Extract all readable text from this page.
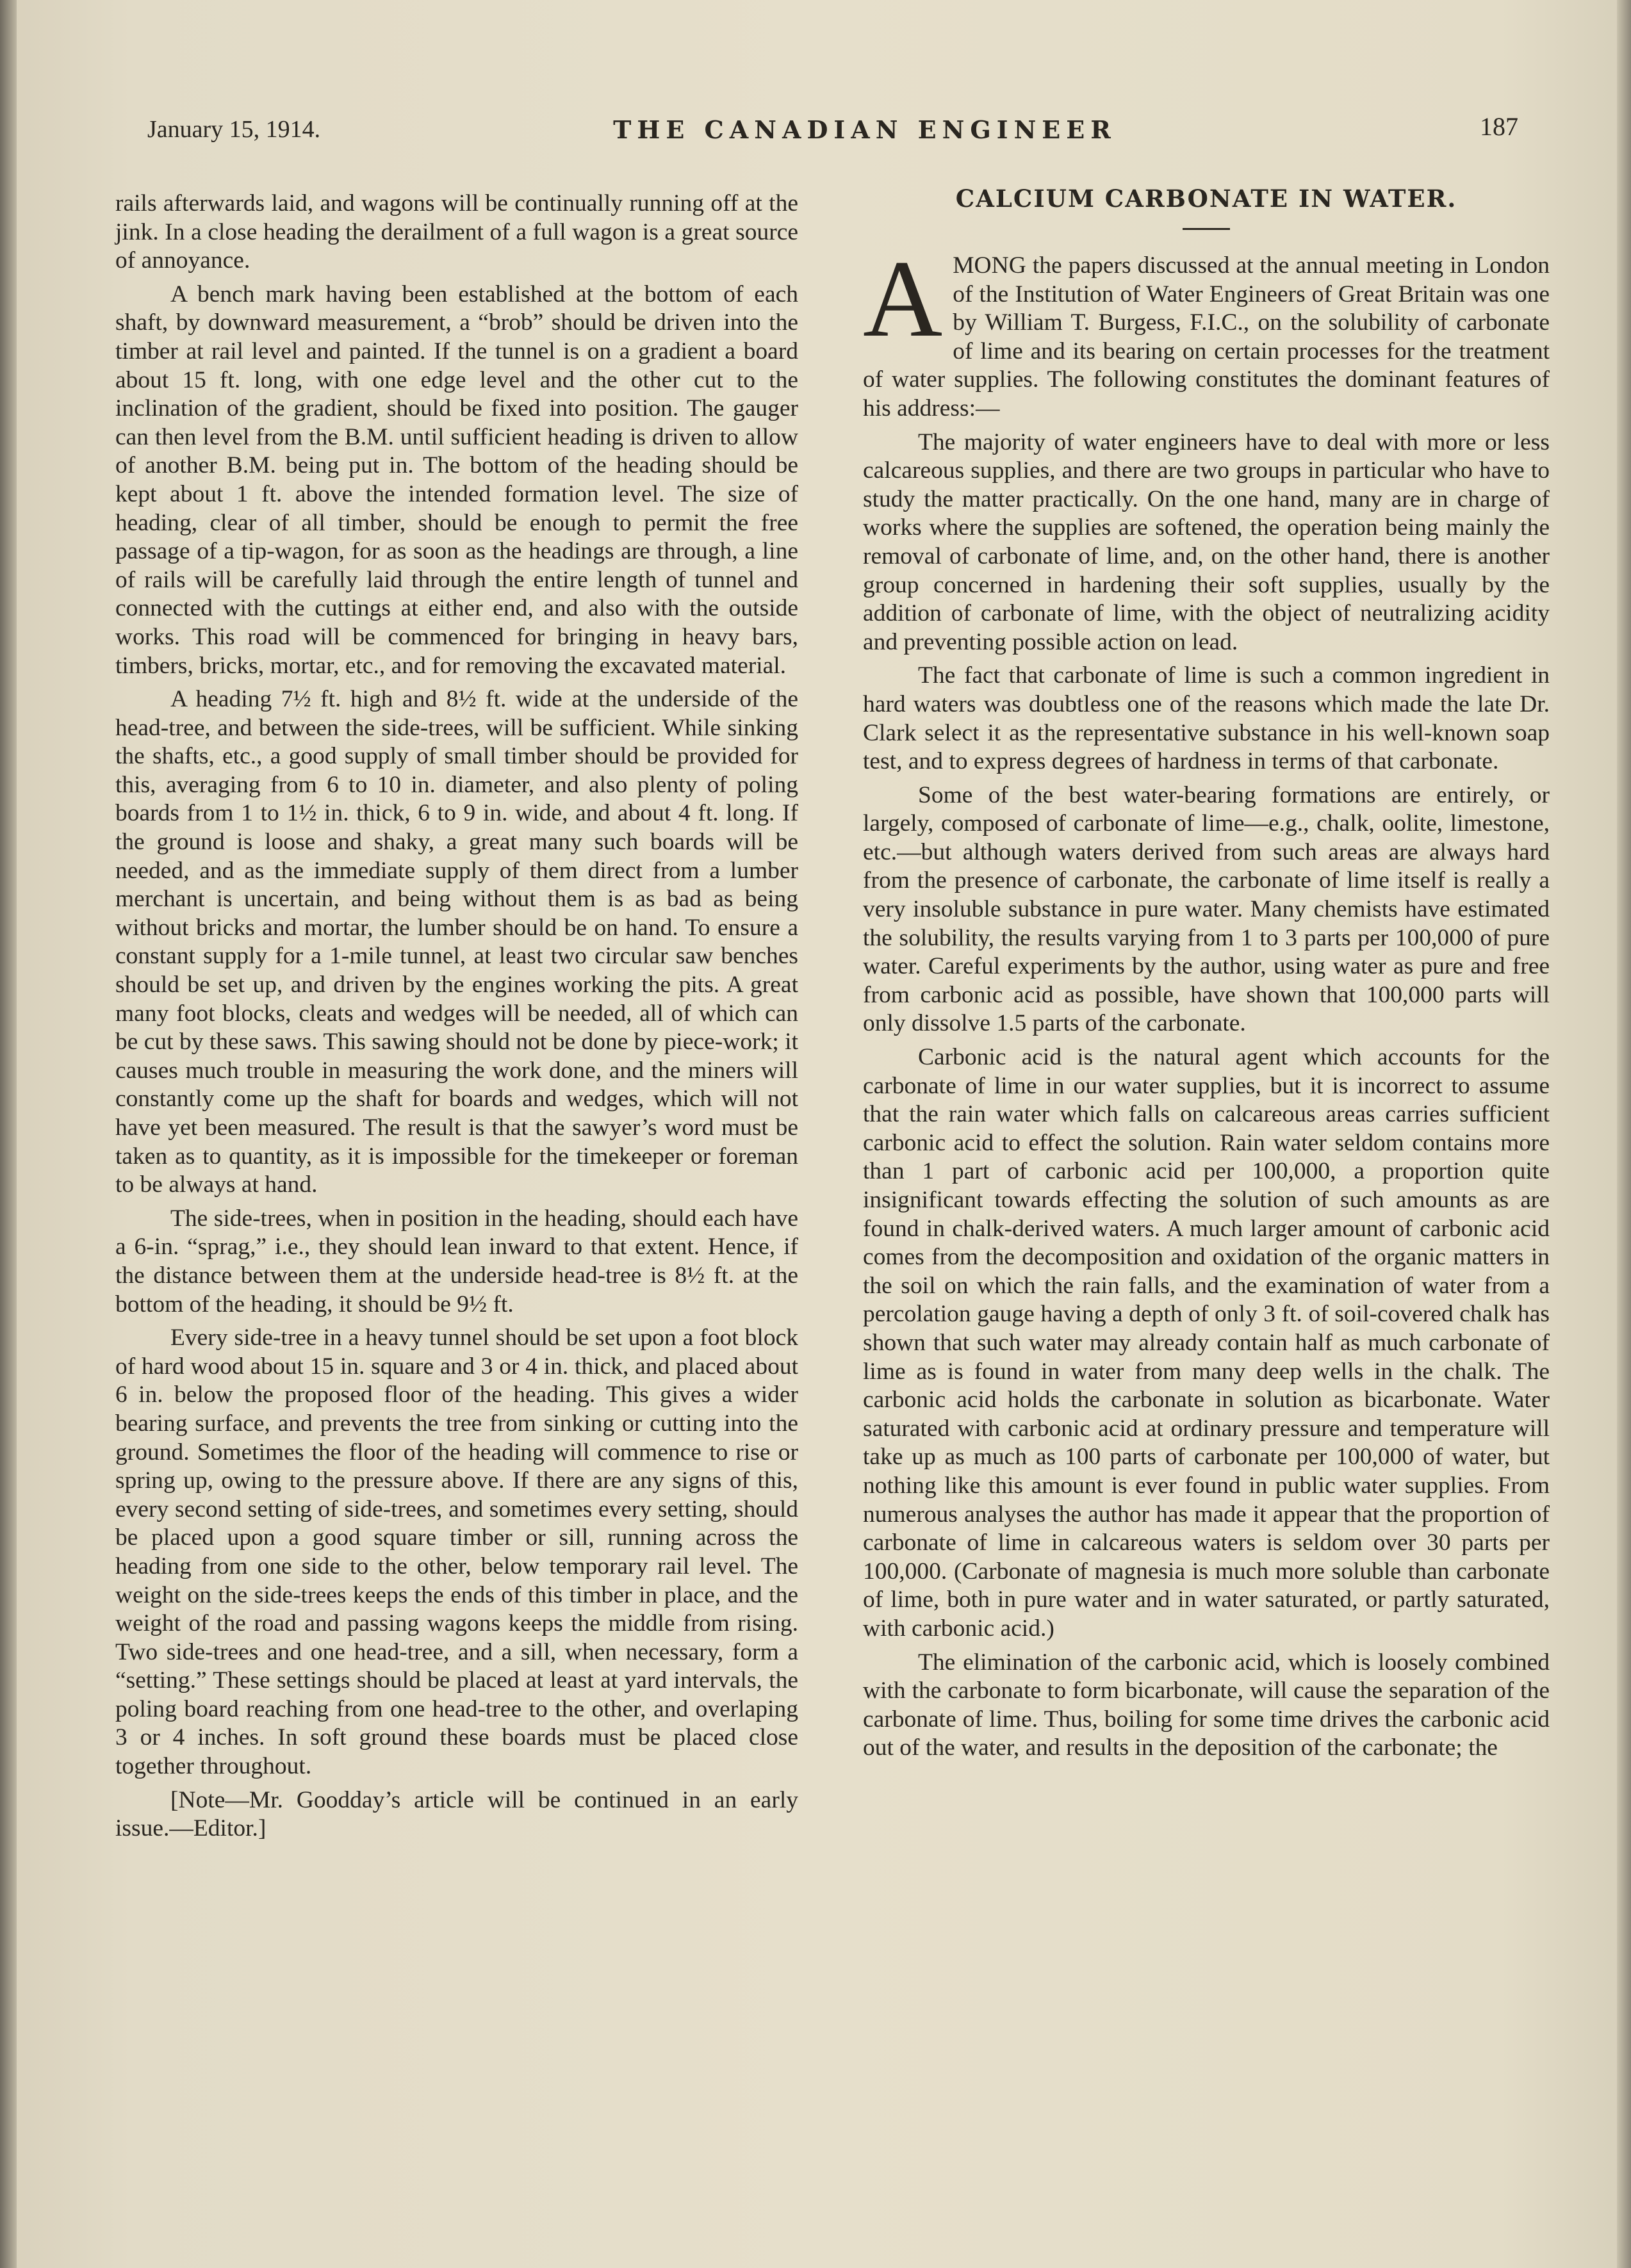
January 15, 1914.	THE CANADIAN ENGINEER	187

rails afterwards laid, and wagons will be continually running off at the jink. In a close heading the derailment of a full wagon is a great source of annoyance.

A bench mark having been established at the bottom of each shaft, by downward measurement, a “brob” should be driven into the timber at rail level and painted. If the tunnel is on a gradient a board about 15 ft. long, with one edge level and the other cut to the inclination of the gradient, should be fixed into position. The gauger can then level from the B.M. until sufficient heading is driven to allow of another B.M. being put in. The bottom of the heading should be kept about 1 ft. above the intended formation level. The size of heading, clear of all timber, should be enough to permit the free passage of a tip-wagon, for as soon as the headings are through, a line of rails will be carefully laid through the entire length of tunnel and connected with the cuttings at either end, and also with the outside works. This road will be commenced for bringing in heavy bars, timbers, bricks, mortar, etc., and for removing the excavated material.

A heading 7½ ft. high and 8½ ft. wide at the underside of the head-tree, and between the side-trees, will be sufficient. While sinking the shafts, etc., a good supply of small timber should be provided for this, averaging from 6 to 10 in. diameter, and also plenty of poling boards from 1 to 1½ in. thick, 6 to 9 in. wide, and about 4 ft. long. If the ground is loose and shaky, a great many such boards will be needed, and as the immediate supply of them direct from a lumber merchant is uncertain, and being without them is as bad as being without bricks and mortar, the lumber should be on hand. To ensure a constant supply for a 1-mile tunnel, at least two circular saw benches should be set up, and driven by the engines working the pits. A great many foot blocks, cleats and wedges will be needed, all of which can be cut by these saws. This sawing should not be done by piece-work; it causes much trouble in measuring the work done, and the miners will constantly come up the shaft for boards and wedges, which will not have yet been measured. The result is that the sawyer’s word must be taken as to quantity, as it is impossible for the timekeeper or foreman to be always at hand.

The side-trees, when in position in the heading, should each have a 6-in. “sprag,” i.e., they should lean inward to that extent. Hence, if the distance between them at the underside head-tree is 8½ ft. at the bottom of the heading, it should be 9½ ft.

Every side-tree in a heavy tunnel should be set upon a foot block of hard wood about 15 in. square and 3 or 4 in. thick, and placed about 6 in. below the proposed floor of the heading. This gives a wider bearing surface, and prevents the tree from sinking or cutting into the ground. Sometimes the floor of the heading will commence to rise or spring up, owing to the pressure above. If there are any signs of this, every second setting of side-trees, and sometimes every setting, should be placed upon a good square timber or sill, running across the heading from one side to the other, below temporary rail level. The weight on the side-trees keeps the ends of this timber in place, and the weight of the road and passing wagons keeps the middle from rising. Two side-trees and one head-tree, and a sill, when necessary, form a “setting.” These settings should be placed at least at yard intervals, the poling board reaching from one head-tree to the other, and overlaping 3 or 4 inches. In soft ground these boards must be placed close together throughout.

[Note—Mr. Goodday’s article will be continued in an early issue.—Editor.]

CALCIUM CARBONATE IN WATER.

AMONG the papers discussed at the annual meeting in London of the Institution of Water Engineers of Great Britain was one by William T. Burgess, F.I.C., on the solubility of carbonate of lime and its bearing on certain processes for the treatment of water supplies. The following constitutes the dominant features of his address:—

The majority of water engineers have to deal with more or less calcareous supplies, and there are two groups in particular who have to study the matter practically. On the one hand, many are in charge of works where the supplies are softened, the operation being mainly the removal of carbonate of lime, and, on the other hand, there is another group concerned in hardening their soft supplies, usually by the addition of carbonate of lime, with the object of neutralizing acidity and preventing possible action on lead.

The fact that carbonate of lime is such a common ingredient in hard waters was doubtless one of the reasons which made the late Dr. Clark select it as the representative substance in his well-known soap test, and to express degrees of hardness in terms of that carbonate.

Some of the best water-bearing formations are entirely, or largely, composed of carbonate of lime—e.g., chalk, oolite, limestone, etc.—but although waters derived from such areas are always hard from the presence of carbonate, the carbonate of lime itself is really a very insoluble substance in pure water. Many chemists have estimated the solubility, the results varying from 1 to 3 parts per 100,000 of pure water. Careful experiments by the author, using water as pure and free from carbonic acid as possible, have shown that 100,000 parts will only dissolve 1.5 parts of the carbonate.

Carbonic acid is the natural agent which accounts for the carbonate of lime in our water supplies, but it is incorrect to assume that the rain water which falls on calcareous areas carries sufficient carbonic acid to effect the solution. Rain water seldom contains more than 1 part of carbonic acid per 100,000, a proportion quite insignificant towards effecting the solution of such amounts as are found in chalk-derived waters. A much larger amount of carbonic acid comes from the decomposition and oxidation of the organic matters in the soil on which the rain falls, and the examination of water from a percolation gauge having a depth of only 3 ft. of soil-covered chalk has shown that such water may already contain half as much carbonate of lime as is found in water from many deep wells in the chalk. The carbonic acid holds the carbonate in solution as bicarbonate. Water saturated with carbonic acid at ordinary pressure and temperature will take up as much as 100 parts of carbonate per 100,000 of water, but nothing like this amount is ever found in public water supplies. From numerous analyses the author has made it appear that the proportion of carbonate of lime in calcareous waters is seldom over 30 parts per 100,000. (Carbonate of magnesia is much more soluble than carbonate of lime, both in pure water and in water saturated, or partly saturated, with carbonic acid.)

The elimination of the carbonic acid, which is loosely combined with the carbonate to form bicarbonate, will cause the separation of the carbonate of lime. Thus, boiling for some time drives the carbonic acid out of the water, and results in the deposition of the carbonate; the
